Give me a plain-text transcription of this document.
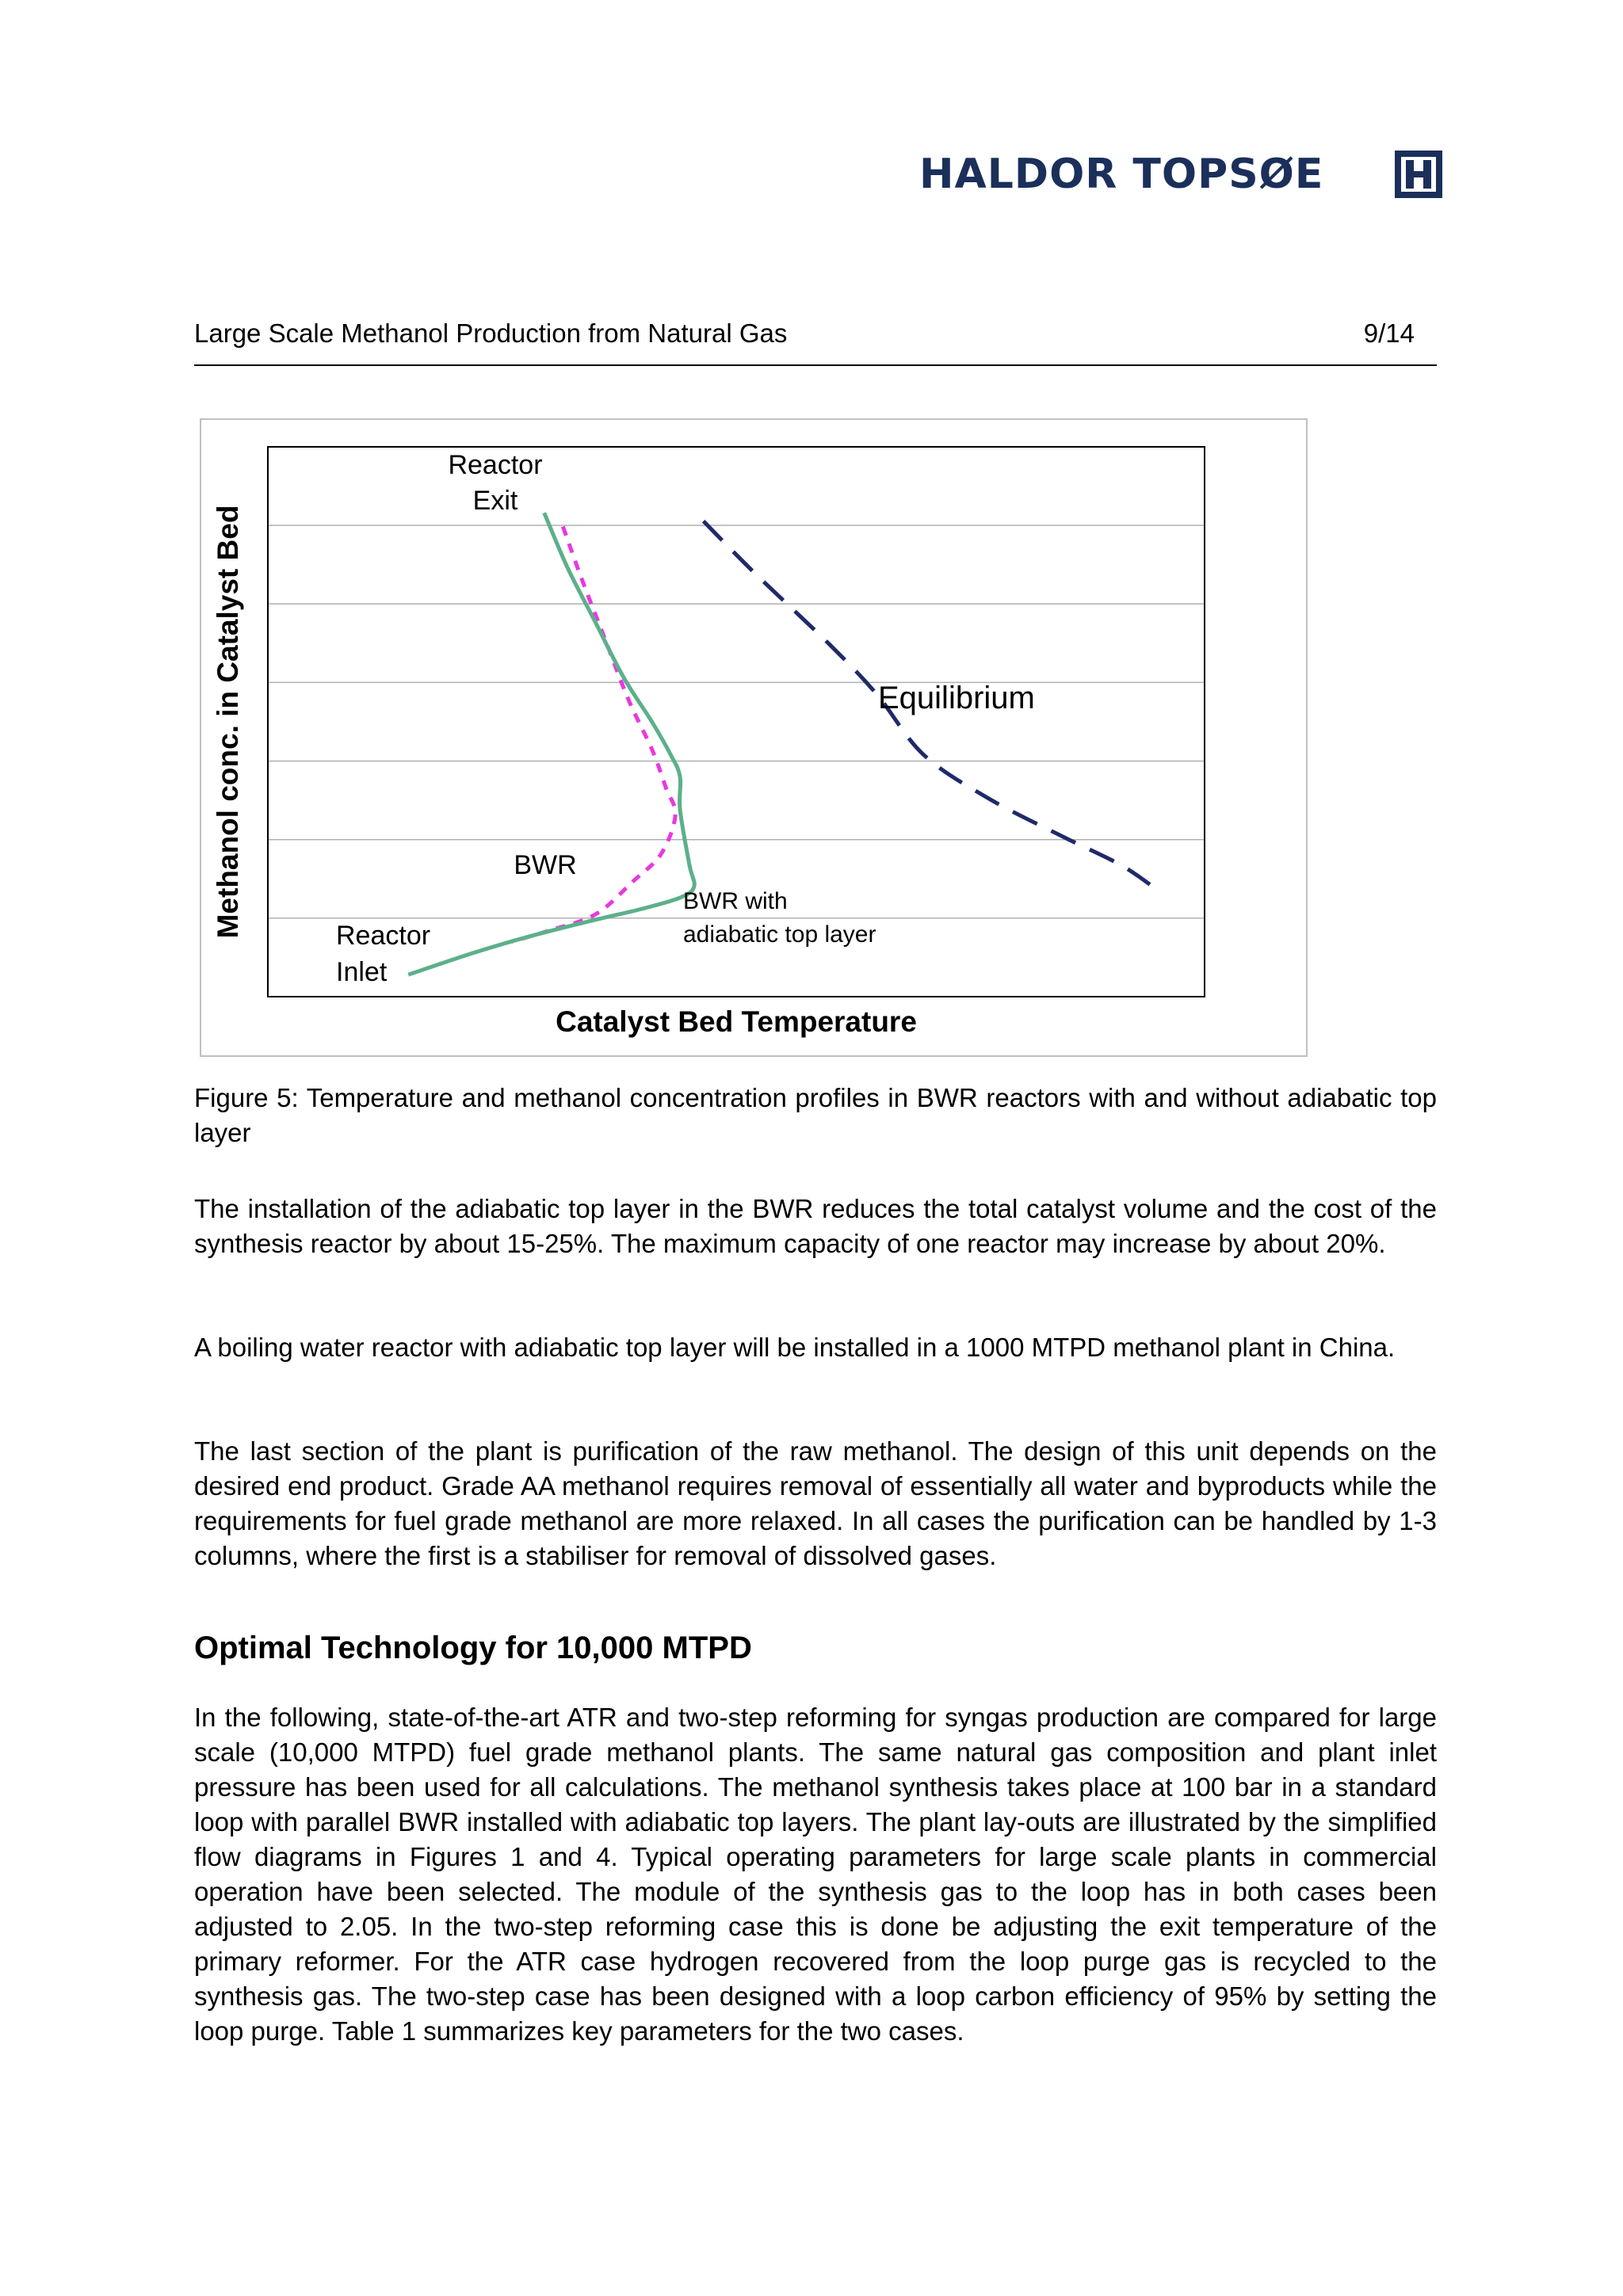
HALDOR TOPSØE
Large Scale Methanol Production from Natural Gas	9/14
Methanol conc. in Catalyst Bed
Catalyst Bed Temperature
Reactor
Exit
Equilibrium
BWR
BWR with
adiabatic top layer
Reactor
Inlet
Figure 5: Temperature and methanol concentration profiles in BWR reactors with and without adiabatic top layer
The installation of the adiabatic top layer in the BWR reduces the total catalyst volume and the cost of the synthesis reactor by about 15-25%. The maximum capacity of one reactor may increase by about 20%.
A boiling water reactor with adiabatic top layer will be installed in a 1000 MTPD methanol plant in China.
The last section of the plant is purification of the raw methanol. The design of this unit depends on the desired end product. Grade AA methanol requires removal of essentially all water and byproducts while the requirements for fuel grade methanol are more relaxed. In all cases the purification can be handled by 1-3 columns, where the first is a stabiliser for removal of dissolved gases.
Optimal Technology for 10,000 MTPD
In the following, state-of-the-art ATR and two-step reforming for syngas production are compared for large scale (10,000 MTPD) fuel grade methanol plants. The same natural gas composition and plant inlet pressure has been used for all calculations. The methanol synthesis takes place at 100 bar in a standard loop with parallel BWR installed with adiabatic top layers. The plant lay-outs are illustrated by the simplified flow diagrams in Figures 1 and 4. Typical operating parameters for large scale plants in commercial operation have been selected. The module of the synthesis gas to the loop has in both cases been adjusted to 2.05. In the two-step reforming case this is done be adjusting the exit temperature of the primary reformer. For the ATR case hydrogen recovered from the loop purge gas is recycled to the synthesis gas. The two-step case has been designed with a loop carbon efficiency of 95% by setting the loop purge. Table 1 summarizes key parameters for the two cases.
